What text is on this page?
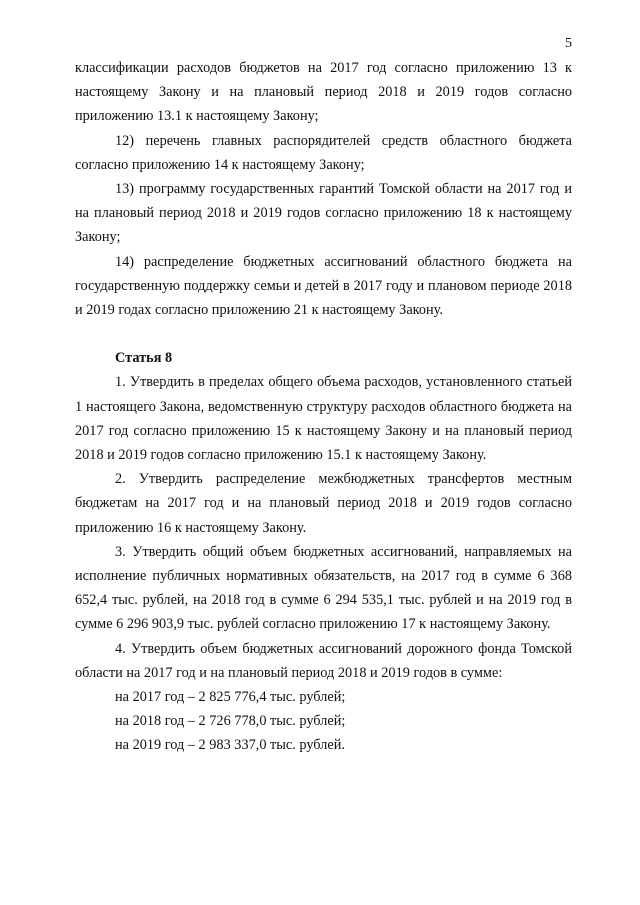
5

классификации расходов бюджетов на 2017 год согласно приложению 13 к настоящему Закону и на плановый период 2018 и 2019 годов согласно приложению 13.1 к настоящему Закону;

12) перечень главных распорядителей средств областного бюджета согласно приложению 14 к настоящему Закону;

13) программу государственных гарантий Томской области на 2017 год и на плановый период 2018 и 2019 годов согласно приложению 18 к настоящему Закону;

14) распределение бюджетных ассигнований областного бюджета на государственную поддержку семьи и детей в 2017 году и плановом периоде 2018 и 2019 годах согласно приложению 21 к настоящему Закону.

Статья 8

1. Утвердить в пределах общего объема расходов, установленного статьей 1 настоящего Закона, ведомственную структуру расходов областного бюджета на 2017 год согласно приложению 15 к настоящему Закону и на плановый период 2018 и 2019 годов согласно приложению 15.1 к настоящему Закону.

2. Утвердить распределение межбюджетных трансфертов местным бюджетам на 2017 год и на плановый период 2018 и 2019 годов согласно приложению 16 к настоящему Закону.

3. Утвердить общий объем бюджетных ассигнований, направляемых на исполнение публичных нормативных обязательств, на 2017 год в сумме 6 368 652,4 тыс. рублей, на 2018 год в сумме 6 294 535,1 тыс. рублей и на 2019 год в сумме 6 296 903,9 тыс. рублей согласно приложению 17 к настоящему Закону.

4. Утвердить объем бюджетных ассигнований дорожного фонда Томской области на 2017 год и на плановый период 2018 и 2019 годов в сумме:

на 2017 год – 2 825 776,4 тыс. рублей;

на 2018 год – 2 726 778,0 тыс. рублей;

на 2019 год – 2 983 337,0 тыс. рублей.
